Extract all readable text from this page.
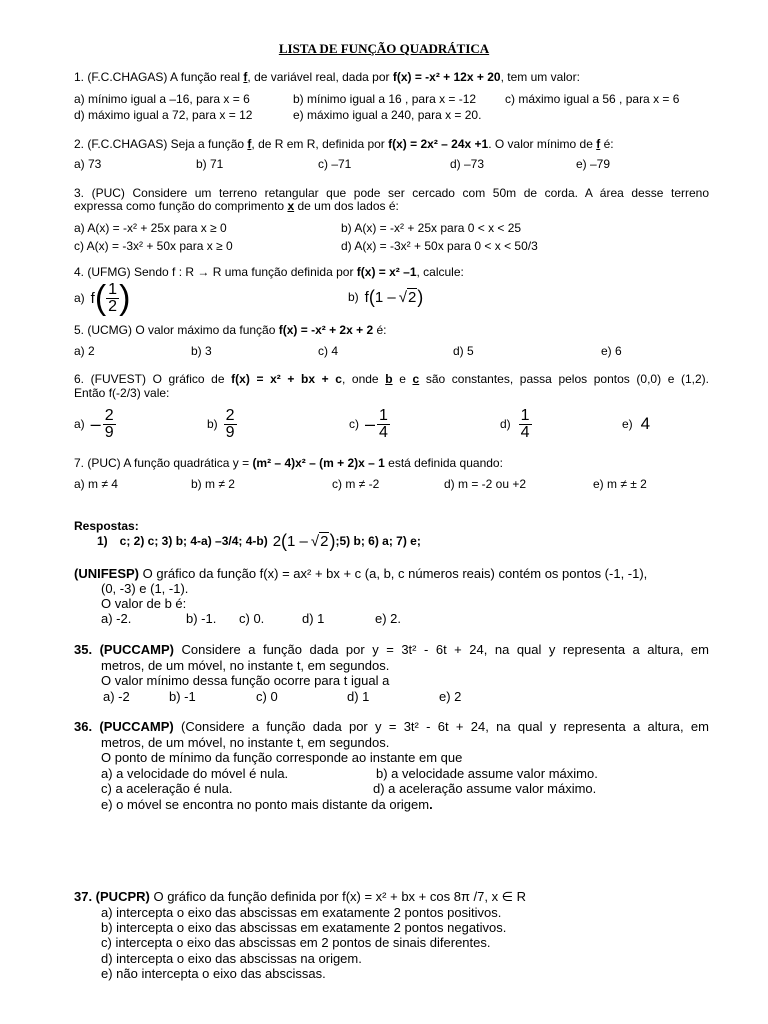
LISTA DE FUNÇÃO QUADRÁTICA
1. (F.C.CHAGAS) A função real f, de variável real, dada por f(x) = -x² + 12x + 20, tem um valor:
a) mínimo igual a –16, para x = 6	b) mínimo igual a 16 , para x = -12 c) máximo igual a 56 , para x = 6
d) máximo igual a 72, para x = 12	e) máximo igual a 240, para x = 20.
2. (F.C.CHAGAS) Seja a função f, de R em R, definida por f(x) = 2x² – 24x +1. O valor mínimo de f é:
a) 73	b) 71	c) –71	d) –73	e) –79
3. (PUC) Considere um terreno retangular que pode ser cercado com 50m de corda. A área desse terreno
expressa como função do comprimento x de um dos lados é:
a) A(x) = -x² + 25x para x ≥ 0	b) A(x) = -x² + 25x para 0 < x < 25
c) A(x) = -3x² + 50x para x ≥ 0	d) A(x) = -3x² + 50x para 0 < x < 50/3
4. (UFMG) Sendo f : R → R uma função definida por f(x) = x² –1, calcule:
a) f ( $\frac{1}{2}$ )	b) f ( 1 – √ 2 )
5. (UCMG) O valor máximo da função f(x) = -x² + 2x + 2 é:
a) 2	b) 3	c) 4	d) 5	e) 6
6. (FUVEST) O gráfico de f(x) = x² + bx + c, onde b e c são constantes, passa pelos pontos (0,0) e (1,2).
Então f(-2/3) vale:
$a) - \frac{2}{9}$	$b) \frac{2}{9}$	$c) - \frac{1}{4}$	$d) \frac{1}{4}$	e) 4
7. (PUC) A função quadrática y = (m² – 4)x² – (m + 2)x – 1 está definida quando:
a) m ≠ 4	b) m ≠ 2	c) m ≠ -2	d) m = -2 ou +2	e) m ≠ ± 2
Respostas:
1) c; 2) c; 3) b; 4-a) –3/4; 4-b) 2 ( 1 – √ 2 ) ;5) b; 6) a; 7) e;
(UNIFESP) O gráfico da função f(x) = ax² + bx + c (a, b, c números reais) contém os pontos (-1, -1),
(0, -3) e (1, -1).
O valor de b é:
a) -2.	b) -1. c) 0.	d) 1	e) 2.
35. (PUCCAMP) Considere a função dada por y = 3t² - 6t + 24, na qual y representa a altura, em
metros, de um móvel, no instante t, em segundos.
O valor mínimo dessa função ocorre para t igual a
a) -2	b) -1	c) 0	d) 1	e) 2
36. (PUCCAMP) (Considere a função dada por y = 3t² - 6t + 24, na qual y representa a altura, em
metros, de um móvel, no instante t, em segundos.
O ponto de mínimo da função corresponde ao instante em que
a) a velocidade do móvel é nula.	b) a velocidade assume valor máximo.
c) a aceleração é nula.	d) a aceleração assume valor máximo.
e) o móvel se encontra no ponto mais distante da origem.
37. (PUCPR) O gráfico da função definida por f(x) = x² + bx + cos 8π /7, x ∈ R
a) intercepta o eixo das abscissas em exatamente 2 pontos positivos.
b) intercepta o eixo das abscissas em exatamente 2 pontos negativos.
c) intercepta o eixo das abscissas em 2 pontos de sinais diferentes.
d) intercepta o eixo das abscissas na origem.
e) não intercepta o eixo das abscissas.
